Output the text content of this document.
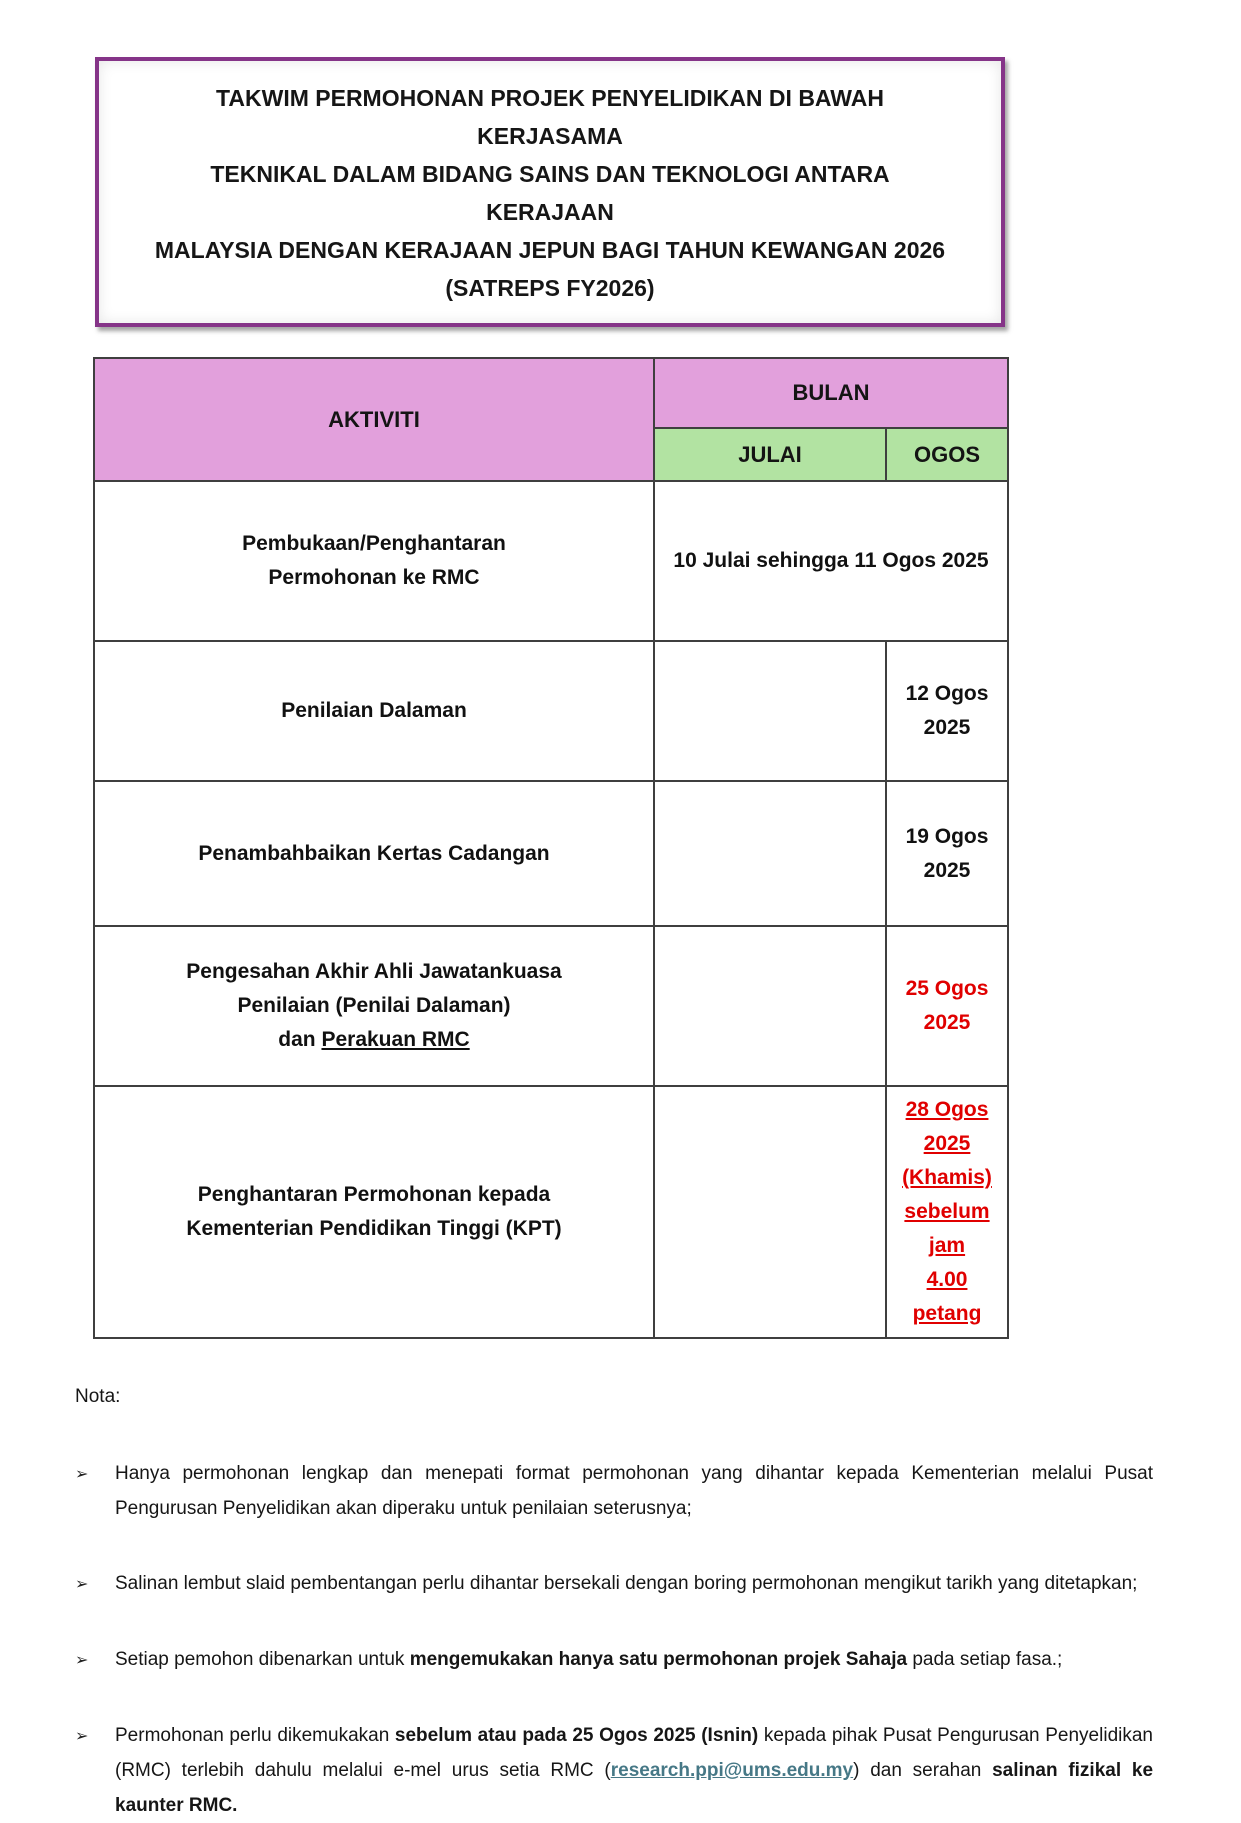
TAKWIM PERMOHONAN PROJEK PENYELIDIKAN DI BAWAH KERJASAMA
TEKNIKAL DALAM BIDANG SAINS DAN TEKNOLOGI ANTARA KERAJAAN
MALAYSIA DENGAN KERAJAAN JEPUN BAGI TAHUN KEWANGAN 2026
(SATREPS FY2026)
AKTIVITI	BULAN	
	JULAI	OGOS

Pembukaan/Penghantaran
Permohonan ke RMC	10 Julai sehingga 11 Ogos 2025	
Penilaian Dalaman		12 Ogos 2025
Penambahbaikan Kertas Cadangan		19 Ogos 2025

Pengesahan Akhir Ahli Jawatankuasa
Penilaian (Penilai Dalaman)
dan Perakuan RMC		25 Ogos 2025

Penghantaran Permohonan kepada
Kementerian Pendidikan Tinggi (KPT)		28 Ogos 2025
(Khamis)
sebelum jam
4.00 petang
Nota:
➢	Hanya permohonan lengkap dan menepati format permohonan yang dihantar kepada Kementerian melalui Pusat Pengurusan Penyelidikan akan diperaku untuk penilaian seterusnya;
➢	Salinan lembut slaid pembentangan perlu dihantar bersekali dengan boring permohonan mengikut tarikh yang ditetapkan;
➢	Setiap pemohon dibenarkan untuk mengemukakan hanya satu permohonan projek Sahaja pada setiap fasa.;
➢	Permohonan perlu dikemukakan sebelum atau pada 25 Ogos 2025 (Isnin) kepada pihak Pusat Pengurusan Penyelidikan (RMC) terlebih dahulu melalui e-mel urus setia RMC (research.ppi@ums.edu.my) dan serahan salinan fizikal ke kaunter RMC.
